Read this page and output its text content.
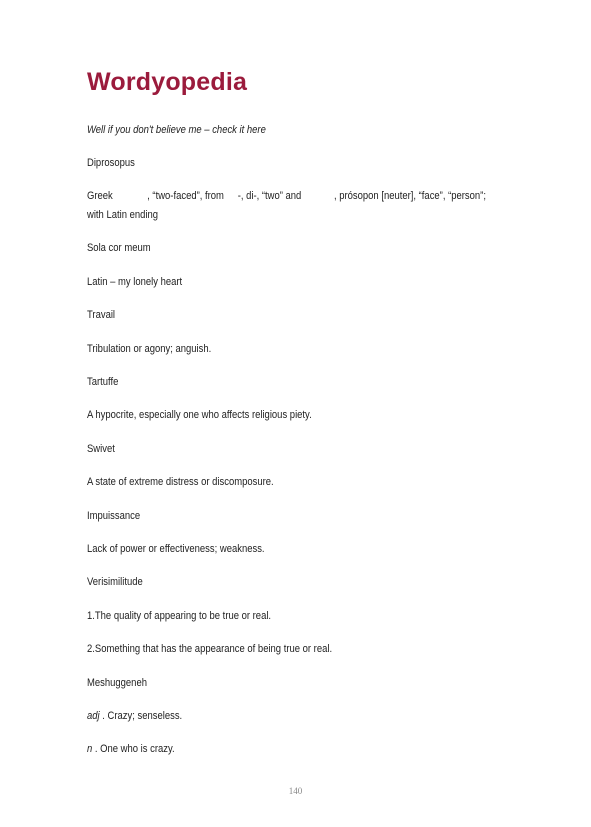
Wordyopedia

Well if you don't believe me – check it here

Diprosopus

Greek	, “two-faced”, from -, di-, “two” and	, prósopon [neuter], “face”, “person”;

with Latin ending

Sola cor meum

Latin – my lonely heart

Travail

Tribulation or agony; anguish.

Tartuffe

A hypocrite, especially one who affects religious piety.

Swivet

A state of extreme distress or discomposure.

Impuissance

Lack of power or effectiveness; weakness.

Verisimilitude

1.The quality of appearing to be true or real.

2.Something that has the appearance of being true or real.

Meshuggeneh

adj . Crazy; senseless.

n . One who is crazy.

140
